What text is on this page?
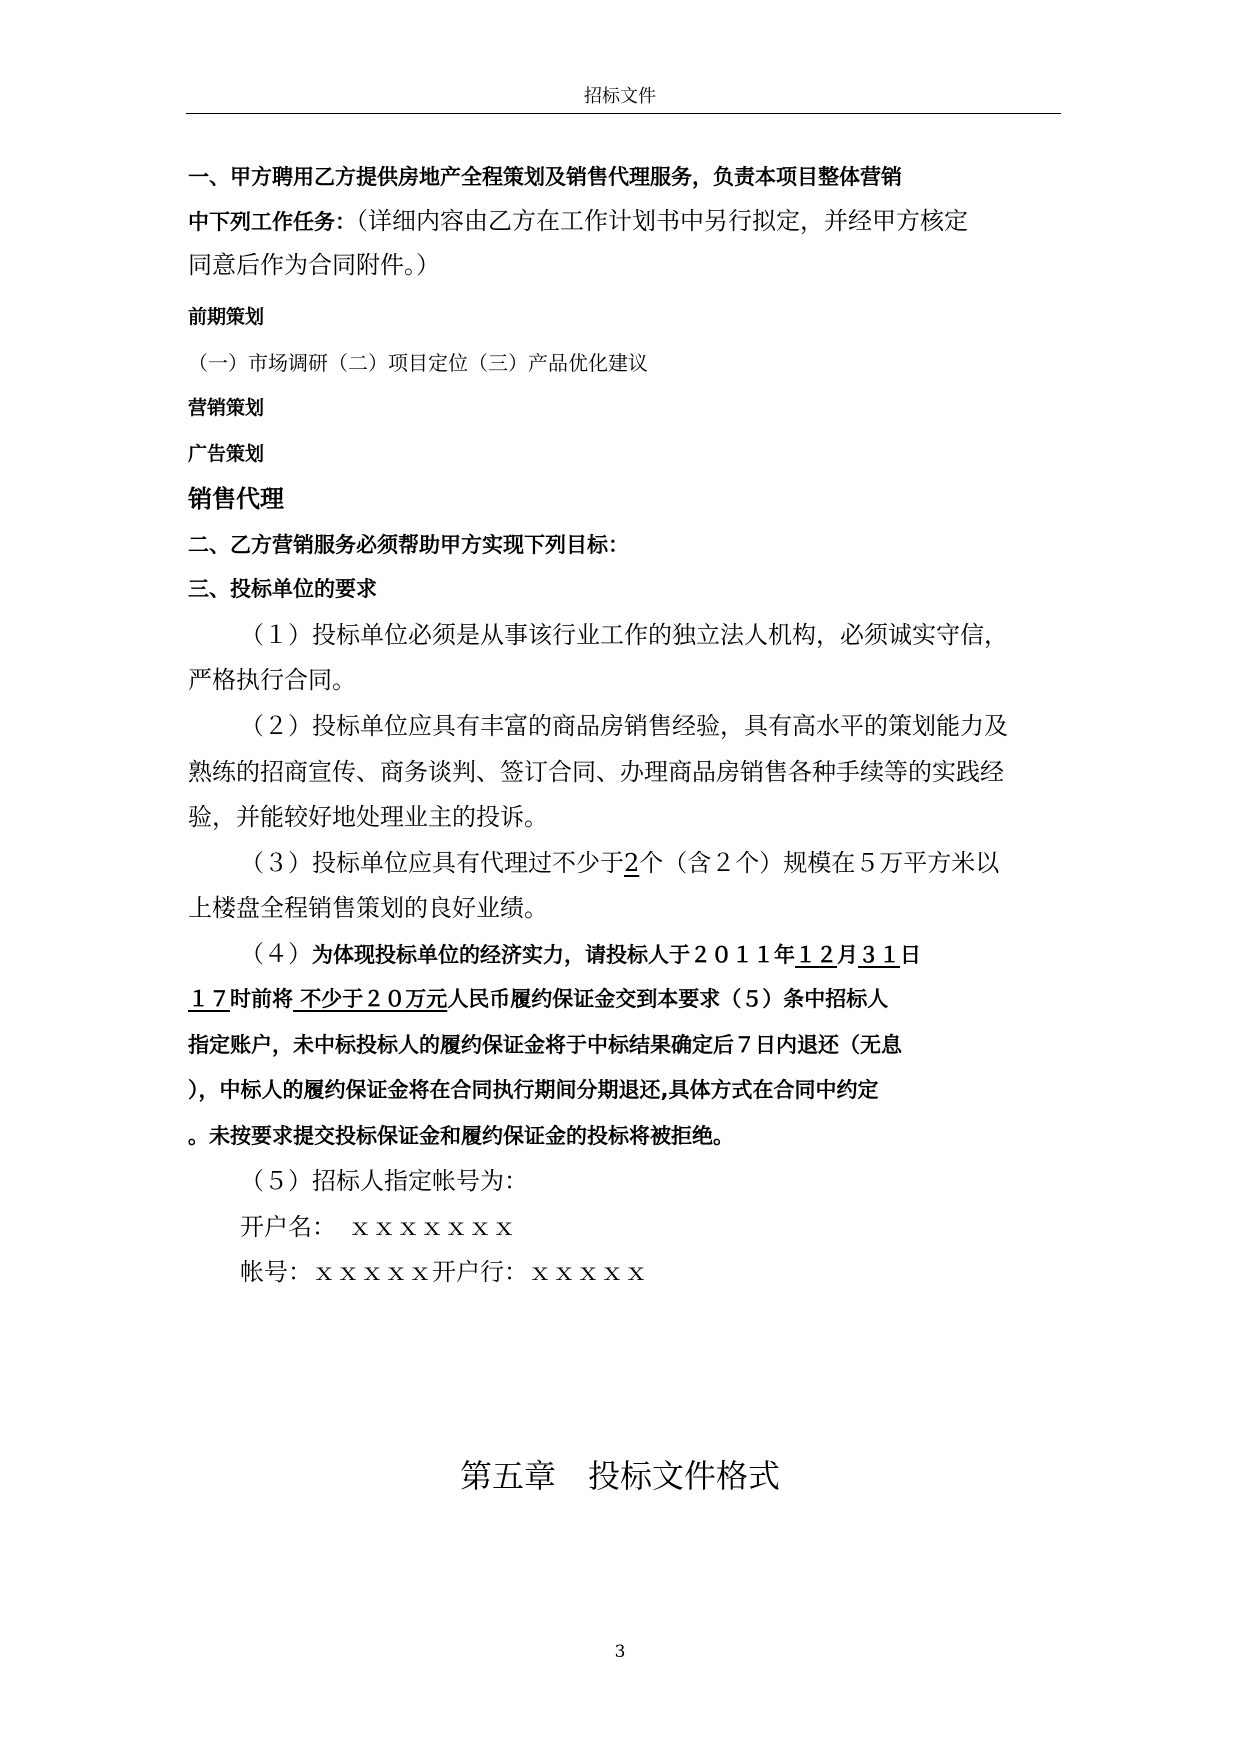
招标文件
一、甲方聘用乙方提供房地产全程策划及销售代理服务，负责本项目整体营销
中下列工作任务：（详细内容由乙方在工作计划书中另行拟定，并经甲方核定
同意后作为合同附件。）
前期策划
（一）市场调研（二）项目定位（三）产品优化建议
营销策划
广告策划
销售代理
二、乙方营销服务必须帮助甲方实现下列目标：
三、投标单位的要求
（１）投标单位必须是从事该行业工作的独立法人机构，必须诚实守信，
严格执行合同。
（２）投标单位应具有丰富的商品房销售经验，具有高水平的策划能力及
熟练的招商宣传、商务谈判、签订合同、办理商品房销售各种手续等的实践经
验，并能较好地处理业主的投诉。
（３）投标单位应具有代理过不少于2个（含２个）规模在５万平方米以
上楼盘全程销售策划的良好业绩。
（４）为体现投标单位的经济实力，请投标人于２０１１年１２月３１日
１７时前将 不少于２０万元人民币履约保证金交到本要求（５）条中招标人
指定账户，未中标投标人的履约保证金将于中标结果确定后７日内退还（无息
），中标人的履约保证金将在合同执行期间分期退还,具体方式在合同中约定
。未按要求提交投标保证金和履约保证金的投标将被拒绝。
（５）招标人指定帐号为：
开户名：　ｘｘｘｘｘｘｘ
帐号：ｘｘｘｘｘ开户行：ｘｘｘｘｘ
第五章　投标文件格式
3
